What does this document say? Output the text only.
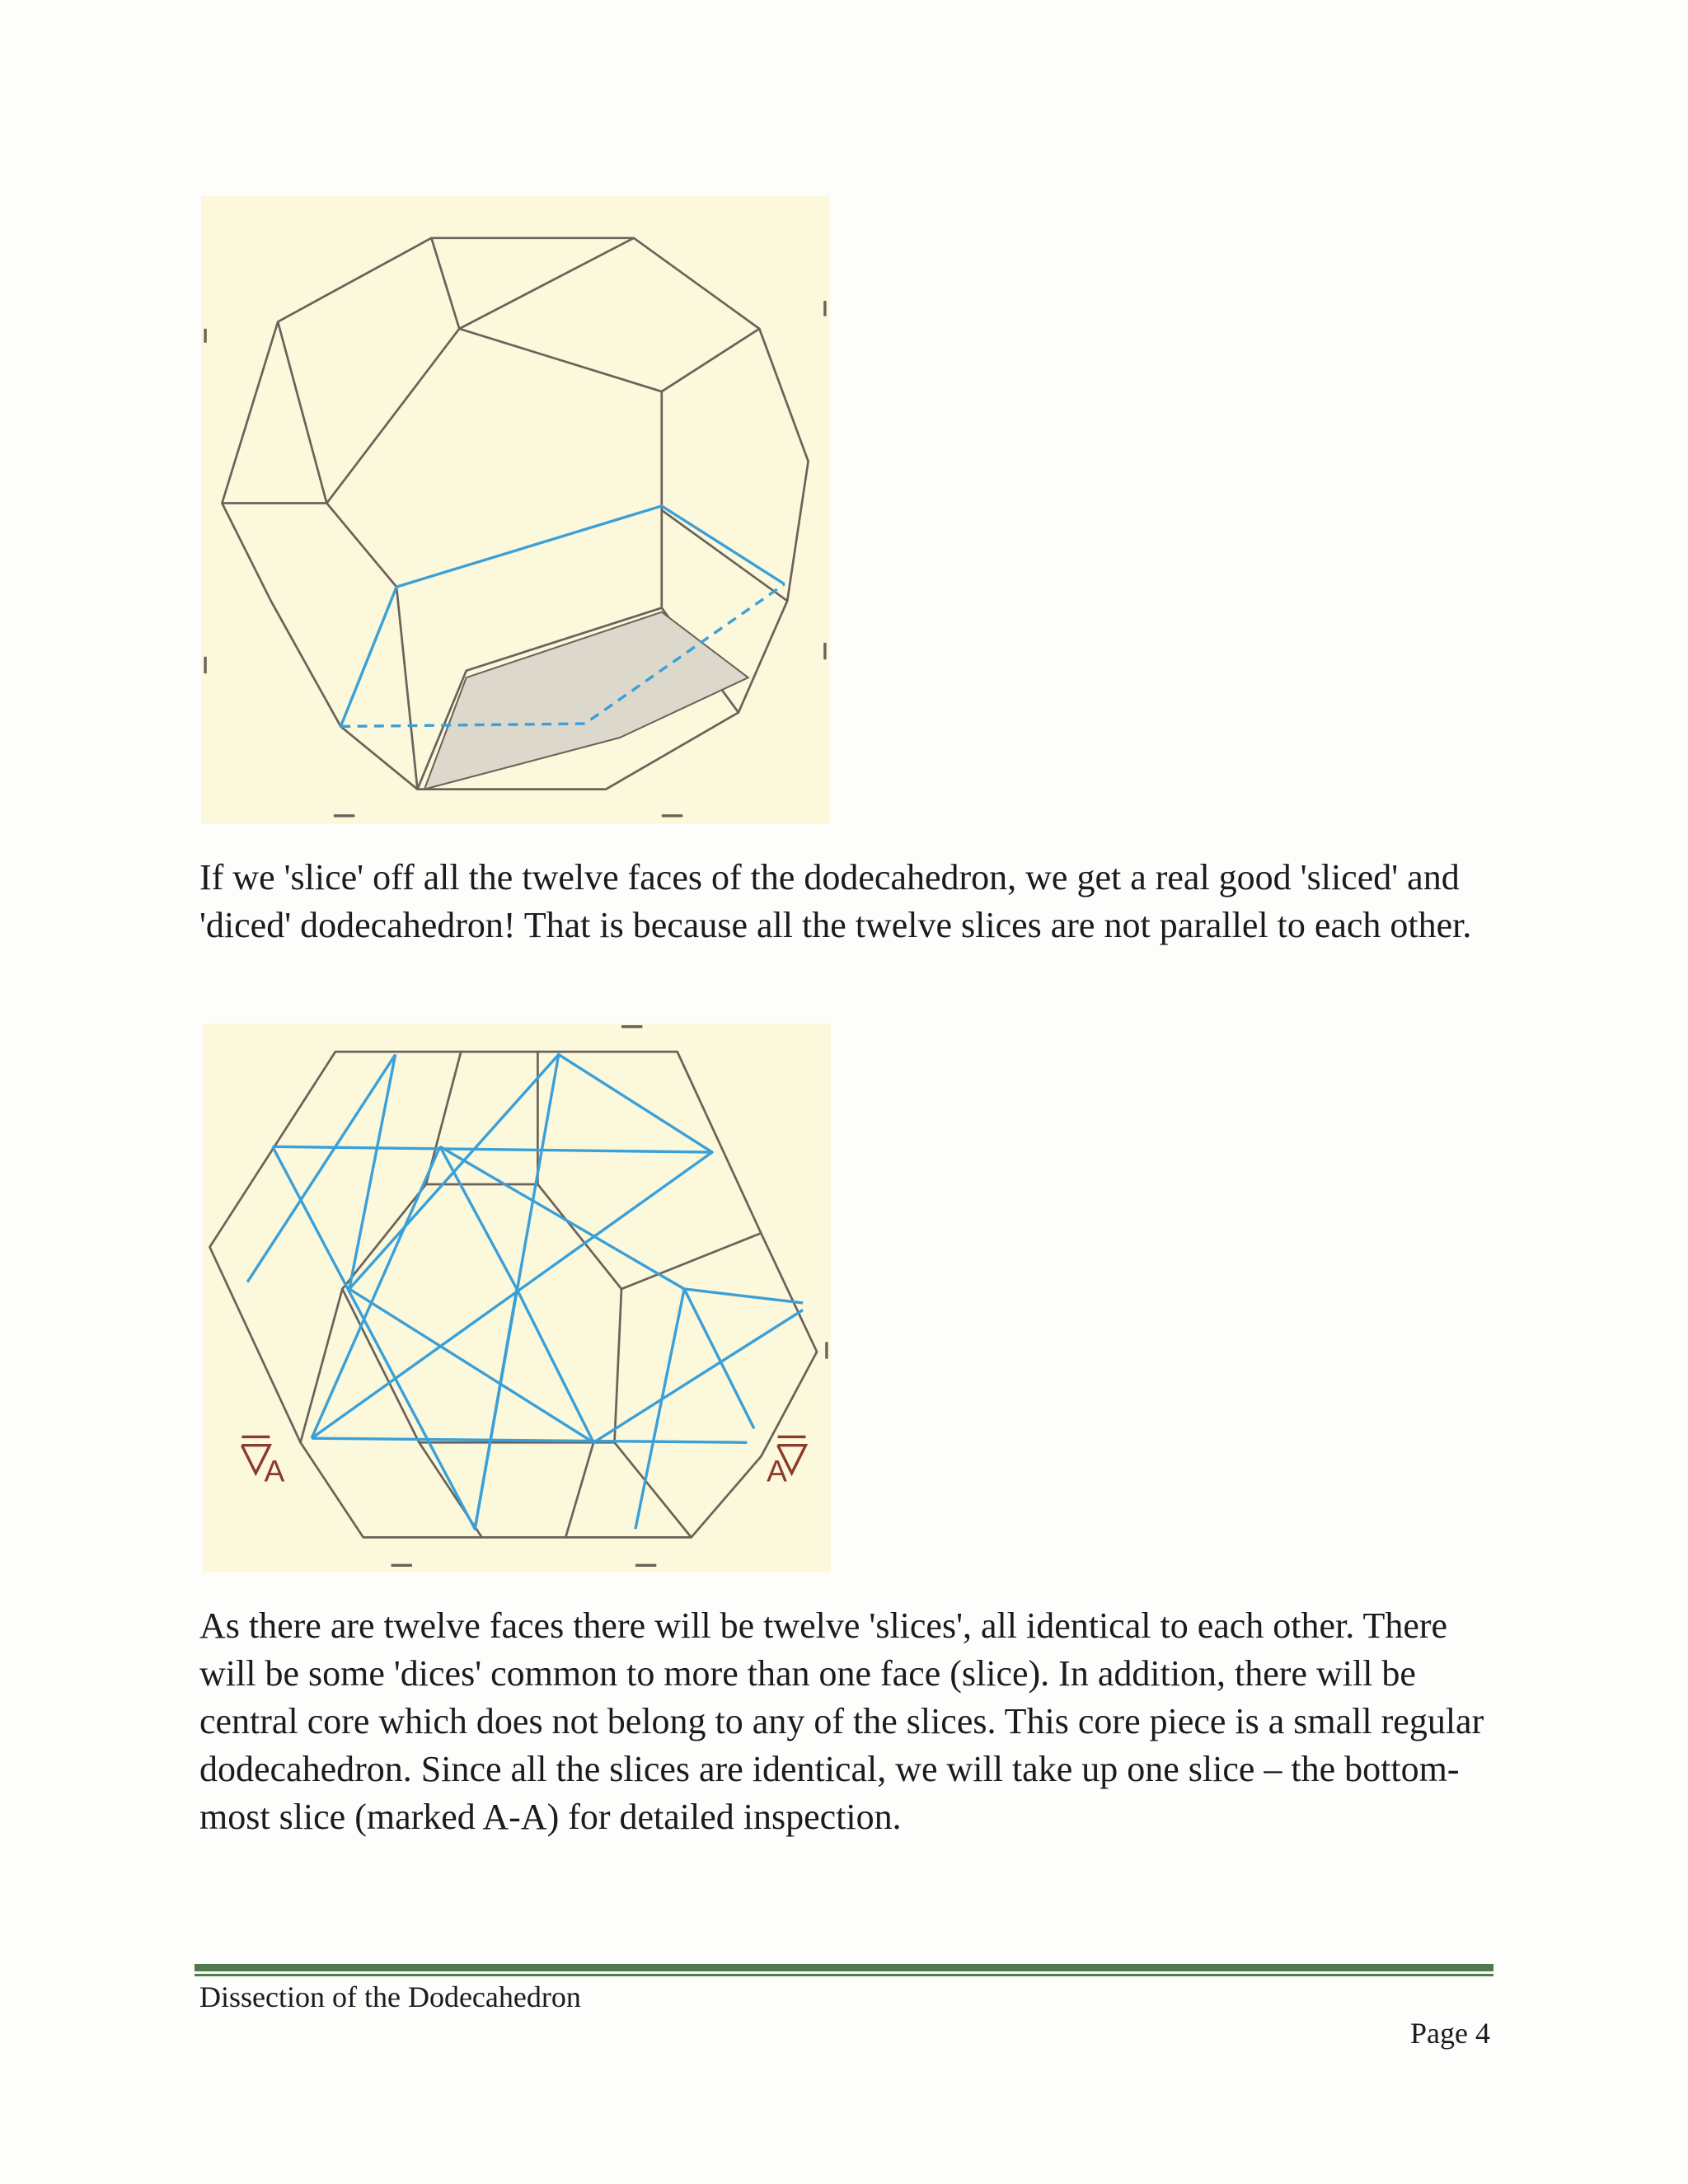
If we 'slice' off all the twelve faces of the dodecahedron, we get a real good 'sliced' and 'diced' dodecahedron! That is because all the twelve slices are not parallel to each other.

A	A

As there are twelve faces there will be twelve 'slices', all identical to each other. There will be some 'dices' common to more than one face (slice). In addition, there will be central core which does not belong to any of the slices. This core piece is a small regular dodecahedron. Since all the slices are identical, we will take up one slice – the bottom-most slice (marked A-A) for detailed inspection.

Dissection of the Dodecahedron
Page 4
